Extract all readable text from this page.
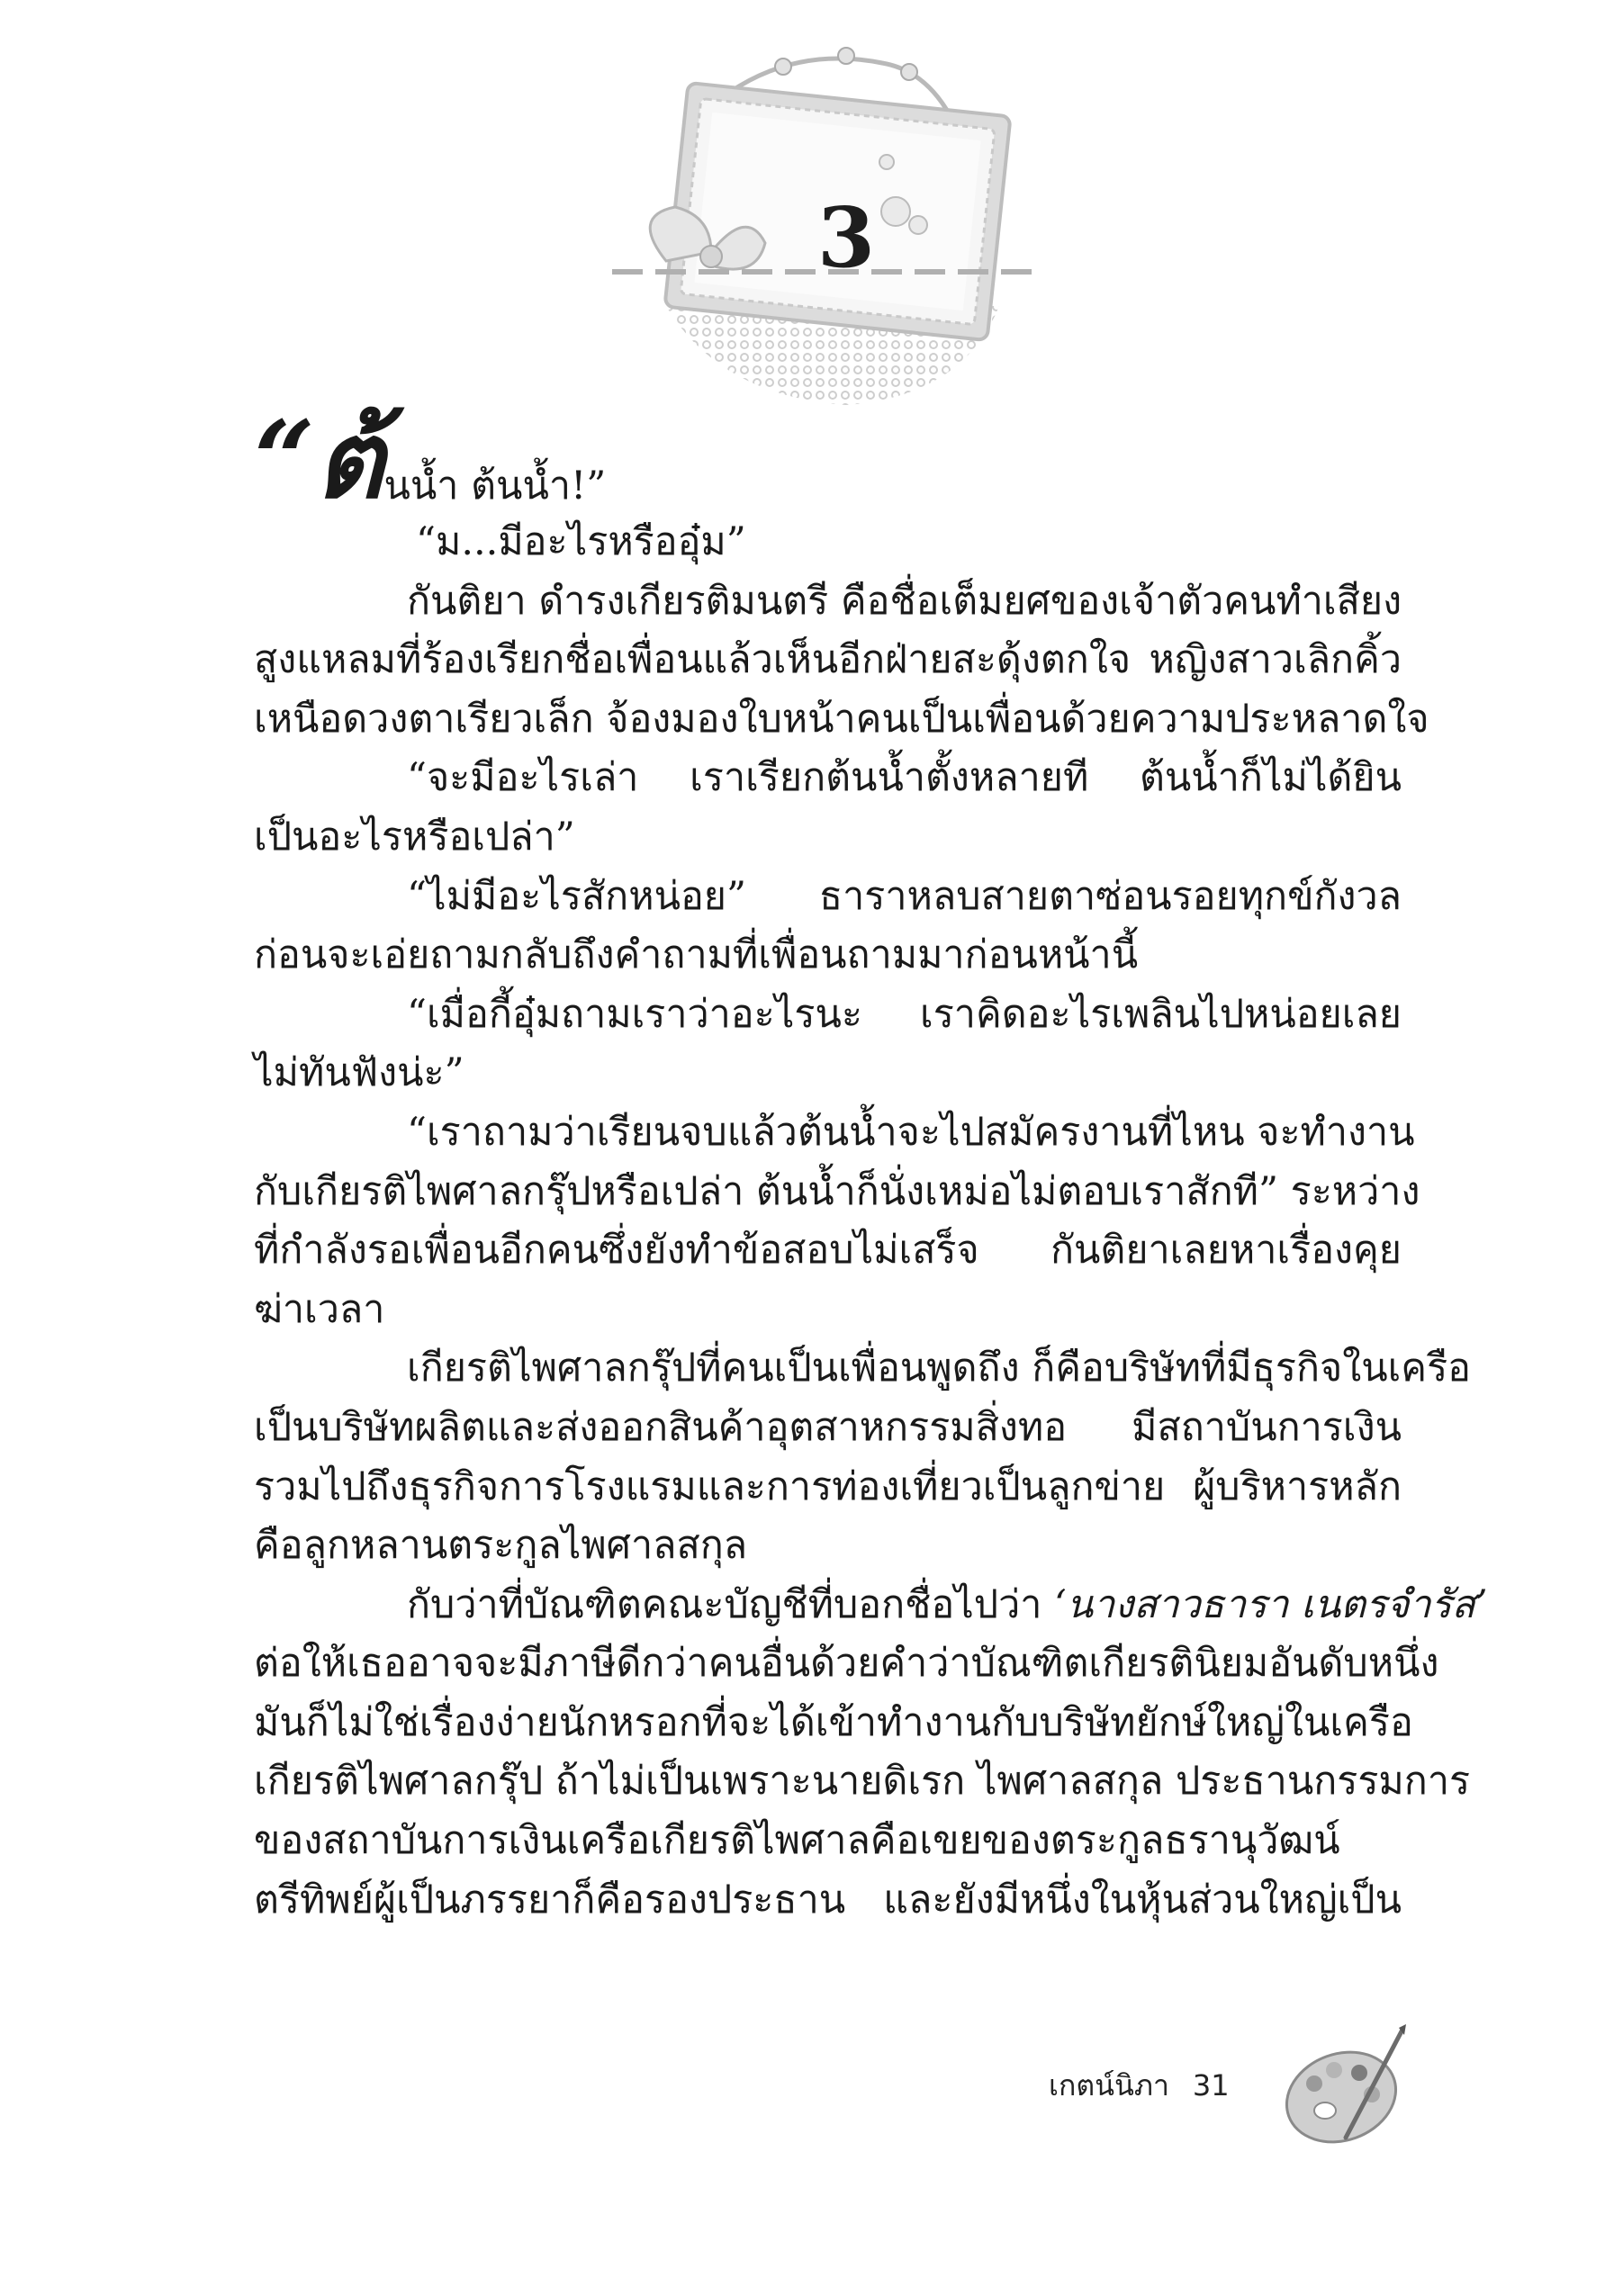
3
“ต้นน้ำ ต้นน้ำ!”
“ม...มีอะไรหรืออุ๋ม”
กันติยา ดำรงเกียรติมนตรี คือชื่อเต็มยศของเจ้าตัวคนทำเสียง
สูงแหลมที่ร้องเรียกชื่อเพื่อนแล้วเห็นอีกฝ่ายสะดุ้งตกใจ หญิงสาวเลิกคิ้ว
เหนือดวงตาเรียวเล็ก จ้องมองใบหน้าคนเป็นเพื่อนด้วยความประหลาดใจ
“จะมีอะไรเล่า เราเรียกต้นน้ำตั้งหลายที ต้นน้ำก็ไม่ได้ยิน
เป็นอะไรหรือเปล่า”
“ไม่มีอะไรสักหน่อย” ธาราหลบสายตาซ่อนรอยทุกข์กังวล
ก่อนจะเอ่ยถามกลับถึงคำถามที่เพื่อนถามมาก่อนหน้านี้
“เมื่อกี้อุ๋มถามเราว่าอะไรนะ เราคิดอะไรเพลินไปหน่อยเลย
ไม่ทันฟังน่ะ”
“เราถามว่าเรียนจบแล้วต้นน้ำจะไปสมัครงานที่ไหน จะทำงาน
กับเกียรติไพศาลกรุ๊ปหรือเปล่า ต้นน้ำก็นั่งเหม่อไม่ตอบเราสักที” ระหว่าง
ที่กำลังรอเพื่อนอีกคนซึ่งยังทำข้อสอบไม่เสร็จ กันติยาเลยหาเรื่องคุย
ฆ่าเวลา
เกียรติไพศาลกรุ๊ปที่คนเป็นเพื่อนพูดถึง ก็คือบริษัทที่มีธุรกิจในเครือ
เป็นบริษัทผลิตและส่งออกสินค้าอุตสาหกรรมสิ่งทอ มีสถาบันการเงิน
รวมไปถึงธุรกิจการโรงแรมและการท่องเที่ยวเป็นลูกข่าย ผู้บริหารหลัก
คือลูกหลานตระกูลไพศาลสกุล
กับว่าที่บัณฑิตคณะบัญชีที่บอกชื่อไปว่า ‘นางสาวธารา เนตรจำรัส’
ต่อให้เธออาจจะมีภาษีดีกว่าคนอื่นด้วยคำว่าบัณฑิตเกียรตินิยมอันดับหนึ่ง
มันก็ไม่ใช่เรื่องง่ายนักหรอกที่จะได้เข้าทำงานกับบริษัทยักษ์ใหญ่ในเครือ
เกียรติไพศาลกรุ๊ป ถ้าไม่เป็นเพราะนายดิเรก ไพศาลสกุล ประธานกรรมการ
ของสถาบันการเงินเครือเกียรติไพศาลคือเขยของตระกูลธรานุวัฒน์
ตรีทิพย์ผู้เป็นภรรยาก็คือรองประธาน และยังมีหนึ่งในหุ้นส่วนใหญ่เป็น
เกตน์นิภา 31
